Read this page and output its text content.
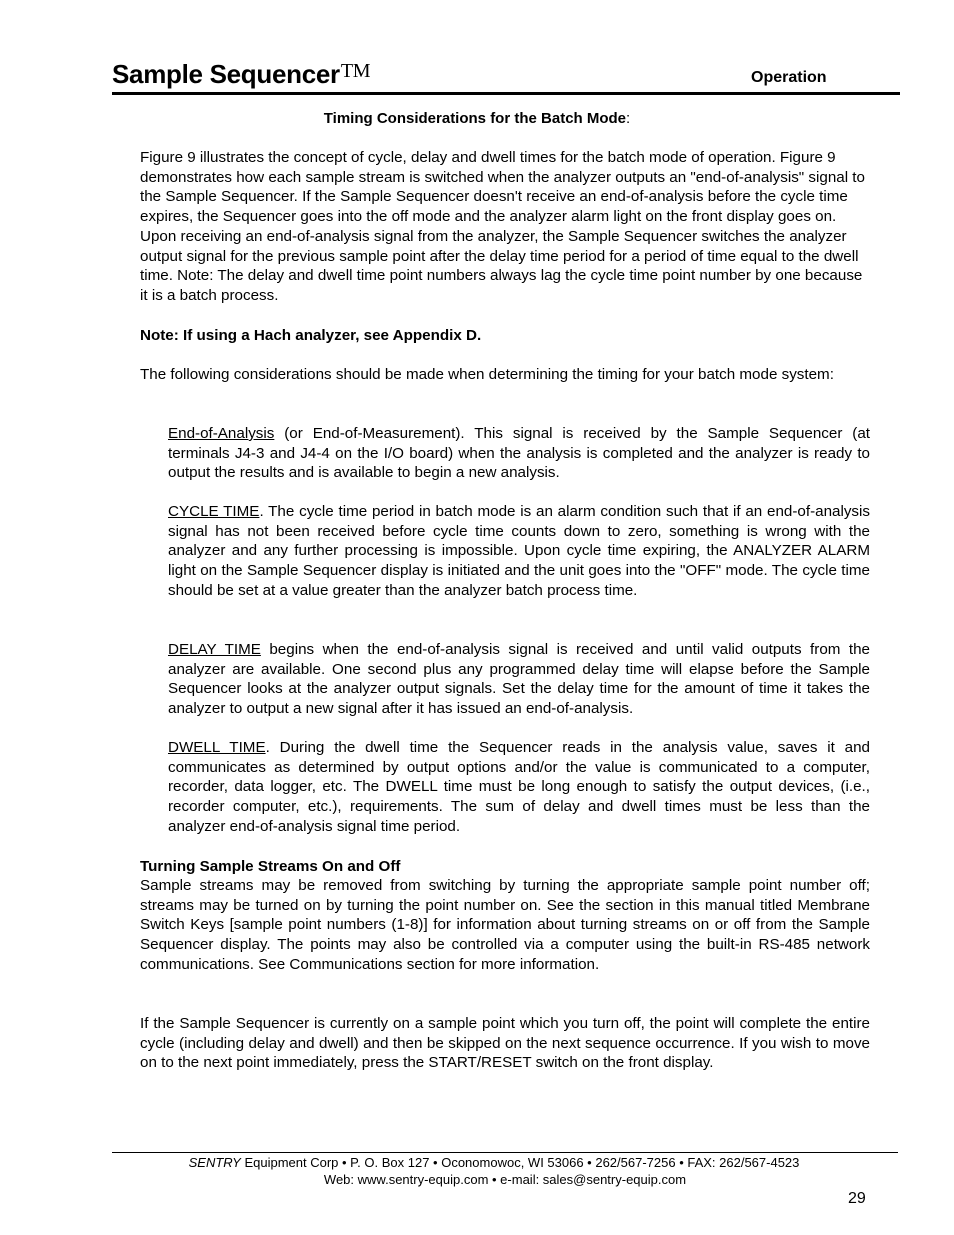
Sample Sequencer™	Operation
Timing Considerations for the Batch Mode:
Figure 9 illustrates the concept of cycle, delay and dwell times for the batch mode of operation. Figure 9 demonstrates how each sample stream is switched when the analyzer outputs an "end-of-analysis" signal to the Sample Sequencer. If the Sample Sequencer doesn't receive an end-of-analysis before the cycle time expires, the Sequencer goes into the off mode and the analyzer alarm light on the front display goes on. Upon receiving an end-of-analysis signal from the analyzer, the Sample Sequencer switches the analyzer output signal for the previous sample point after the delay time period for a period of time equal to the dwell time. Note: The delay and dwell time point numbers always lag the cycle time point number by one because it is a batch process.
Note: If using a Hach analyzer, see Appendix D.
The following considerations should be made when determining the timing for your batch mode system:
End-of-Analysis (or End-of-Measurement). This signal is received by the Sample Sequencer (at terminals J4-3 and J4-4 on the I/O board) when the analysis is completed and the analyzer is ready to output the results and is available to begin a new analysis.
CYCLE TIME. The cycle time period in batch mode is an alarm condition such that if an end-of-analysis signal has not been received before cycle time counts down to zero, something is wrong with the analyzer and any further processing is impossible. Upon cycle time expiring, the ANALYZER ALARM light on the Sample Sequencer display is initiated and the unit goes into the "OFF" mode. The cycle time should be set at a value greater than the analyzer batch process time.
DELAY TIME begins when the end-of-analysis signal is received and until valid outputs from the analyzer are available. One second plus any programmed delay time will elapse before the Sample Sequencer looks at the analyzer output signals. Set the delay time for the amount of time it takes the analyzer to output a new signal after it has issued an end-of-analysis.
DWELL TIME. During the dwell time the Sequencer reads in the analysis value, saves it and communicates as determined by output options and/or the value is communicated to a computer, recorder, data logger, etc. The DWELL time must be long enough to satisfy the output devices, (i.e., recorder computer, etc.), requirements. The sum of delay and dwell times must be less than the analyzer end-of-analysis signal time period.
Turning Sample Streams On and Off
Sample streams may be removed from switching by turning the appropriate sample point number off; streams may be turned on by turning the point number on. See the section in this manual titled Membrane Switch Keys [sample point numbers (1-8)] for information about turning streams on or off from the Sample Sequencer display. The points may also be controlled via a computer using the built-in RS-485 network communications. See Communications section for more information.
If the Sample Sequencer is currently on a sample point which you turn off, the point will complete the entire cycle (including delay and dwell) and then be skipped on the next sequence occurrence. If you wish to move on to the next point immediately, press the START/RESET switch on the front display.
SENTRY Equipment Corp • P. O. Box 127 • Oconomowoc, WI 53066 • 262/567-7256 • FAX: 262/567-4523
Web: www.sentry-equip.com • e-mail: sales@sentry-equip.com
29
